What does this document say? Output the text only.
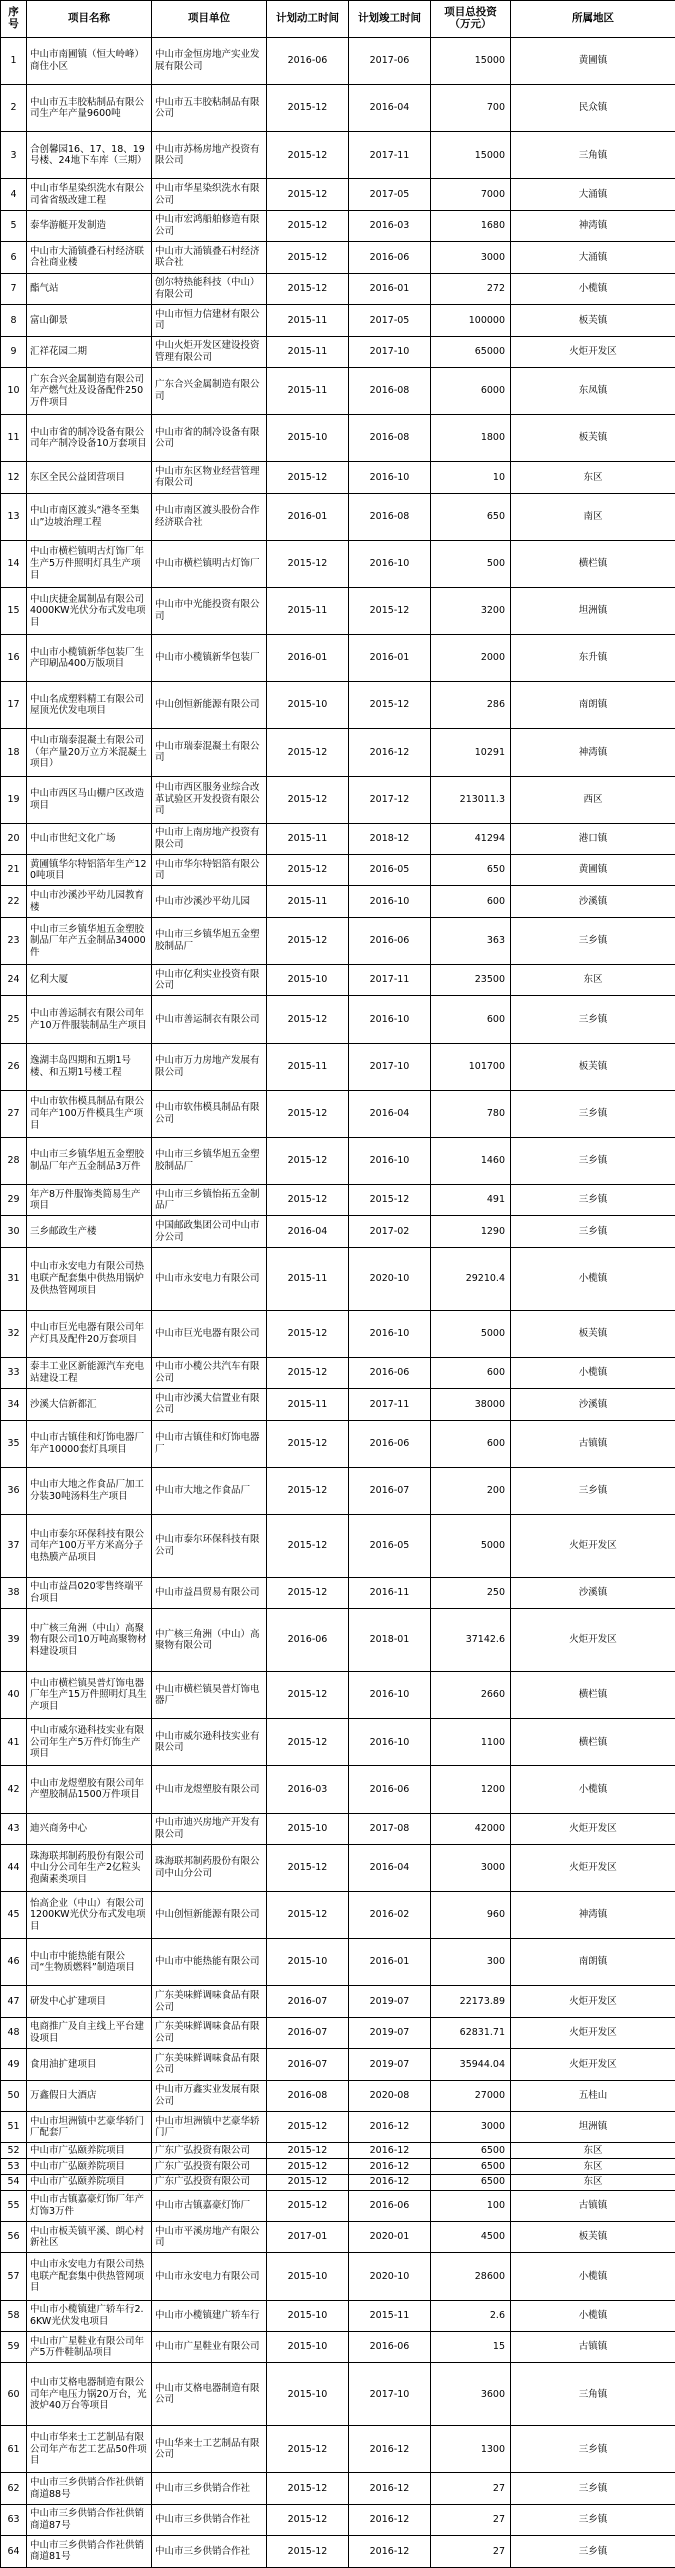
序号	项目名称	项目单位	计划动工时间	计划竣工时间	项目总投资（万元）	所属地区
1	中山市南圃镇（恒大岭峰）商住小区	中山市金恒房地产实业发展有限公司	2016-06	2017-06	15000	黄圃镇
2	中山市五丰胶粘制品有限公司生产年产量9600吨	中山市五丰胶粘制品有限公司	2015-12	2016-04	700	民众镇
3	合创馨园16、17、18、19号楼、24地下车库（三期）	中山市苏杨房地产投资有限公司	2015-12	2017-11	15000	三角镇
4	中山市华星染织洗水有限公司省省级改建工程	中山市华星染织洗水有限公司	2015-12	2017-05	7000	大涌镇
5	泰华游艇开发制造	中山市宏鸿船舶修造有限公司	2015-12	2016-03	1680	神湾镇
6	中山市大涌镇叠石村经济联合社商业楼	中山市大涌镇叠石村经济联合社	2015-12	2016-06	3000	大涌镇
7	酯气站	创尔特热能科技（中山）有限公司	2015-12	2016-01	272	小榄镇
8	富山御景	中山市恒力信建材有限公司	2015-11	2017-05	100000	板芙镇
9	汇祥花园二期	中山火炬开发区建设投资管理有限公司	2015-11	2017-10	65000	火炬开发区
10	广东合兴金属制造有限公司年产燃气灶及设备配件250万件项目	广东合兴金属制造有限公司	2015-11	2016-08	6000	东凤镇
11	中山市省的制冷设备有限公司年产制冷设备10万套项目	中山市省的制冷设备有限公司	2015-10	2016-08	1800	板芙镇
12	东区全民公益团营项目	中山市东区物业经营管理有限公司	2015-12	2016-10	10	东区
13	中山市南区渡头“港冬至集山”边坡治理工程	中山市南区渡头股份合作经济联合社	2016-01	2016-08	650	南区
14	中山市横栏镇明古灯饰厂年生产5万件照明灯具生产项目	中山市横栏镇明古灯饰厂	2015-12	2016-10	500	横栏镇
15	中山庆捷金属制品有限公司4000KW光伏分布式发电项目	中山市中光能投资有限公司	2015-11	2015-12	3200	坦洲镇
16	中山市小榄镇新华包装厂生产印刷品400万版项目	中山市小榄镇新华包装厂	2016-01	2016-01	2000	东升镇
17	中山名成塑料精工有限公司屋顶光伏发电项目	中山创恒新能源有限公司	2015-10	2015-12	286	南朗镇
18	中山市瑞泰混凝土有限公司（年产量20万立方米混凝土项目）	中山市瑞泰混凝土有限公司	2015-12	2016-12	10291	神湾镇
19	中山市西区马山棚户区改造项目	中山市西区服务业综合改革试验区开发投资有限公司	2015-12	2017-12	213011.3	西区
20	中山市世纪文化广场	中山市上南房地产投资有限公司	2015-11	2018-12	41294	港口镇
21	黄圃镇华尔特铝箔年生产120吨项目	中山市华尔特铝箔有限公司	2015-12	2016-05	650	黄圃镇
22	中山市沙溪沙平幼儿园教育楼	中山市沙溪沙平幼儿园	2015-11	2016-10	600	沙溪镇
23	中山市三乡镇华旭五金塑胶制品厂年产五金制品34000件	中山市三乡镇华旭五金塑胶制品厂	2015-12	2016-06	363	三乡镇
24	亿利大厦	中山市亿利实业投资有限公司	2015-10	2017-11	23500	东区
25	中山市善运制衣有限公司年产10万件服装制品生产项目	中山市善运制衣有限公司	2015-12	2016-10	600	三乡镇
26	逸湖丰岛四期和五期1号楼、和五期1号楼工程	中山市万力房地产发展有限公司	2015-11	2017-10	101700	板芙镇
27	中山市软伟模具制品有限公司年产100万件模具生产项目	中山市软伟模具制品有限公司	2015-12	2016-04	780	三乡镇
28	中山市三乡镇华旭五金塑胶制品厂年产五金制品3万件	中山市三乡镇华旭五金塑胶制品厂	2015-12	2016-10	1460	三乡镇
29	年产8万件服饰类简易生产项目	中山市三乡镇怡拓五金制品厂	2015-12	2015-12	491	三乡镇
30	三乡邮政生产楼	中国邮政集团公司中山市分公司	2016-04	2017-02	1290	三乡镇
31	中山市永安电力有限公司热电联产配套集中供热用锅炉及供热管网项目	中山市永安电力有限公司	2015-11	2020-10	29210.4	小榄镇
32	中山市巨光电器有限公司年产灯具及配件20万套项目	中山市巨光电器有限公司	2015-12	2016-10	5000	板芙镇
33	泰丰工业区新能源汽车充电站建设工程	中山市小榄公共汽车有限公司	2015-12	2016-06	600	小榄镇
34	沙溪大信新都汇	中山市沙溪大信置业有限公司	2015-11	2017-11	38000	沙溪镇
35	中山市古镇佳和灯饰电器厂年产10000套灯具项目	中山市古镇佳和灯饰电器厂	2015-12	2016-06	600	古镇镇
36	中山市大地之作食品厂加工分装30吨汤料生产项目	中山市大地之作食品厂	2015-12	2016-07	200	三乡镇
37	中山市泰尔环保科技有限公司年产100万平方米高分子电热膜产品项目	中山市泰尔环保科技有限公司	2015-12	2016-05	5000	火炬开发区
38	中山市益昌020零售终端平台项目	中山市益昌贸易有限公司	2015-12	2016-11	250	沙溪镇
39	中广核三角洲（中山）高聚物有限公司10万吨高聚物材料建设项目	中广核三角洲（中山）高聚物有限公司	2016-06	2018-01	37142.6	火炬开发区
40	中山市横栏镇昊普灯饰电器厂年生产15万件照明灯具生产项目	中山市横栏镇昊普灯饰电器厂	2015-12	2016-10	2660	横栏镇
41	中山市威尔逊科技实业有限公司年生产5万件灯饰生产项目	中山市威尔逊科技实业有限公司	2015-12	2016-10	1100	横栏镇
42	中山市龙煜塑胶有限公司年产塑胶制品1500万件项目	中山市龙煜塑胶有限公司	2016-03	2016-06	1200	小榄镇
43	迪兴商务中心	中山市迪兴房地产开发有限公司	2015-10	2017-08	42000	火炬开发区
44	珠海联邦制药股份有限公司中山分公司年生产2亿粒头孢菌素类项目	珠海联邦制药股份有限公司中山分公司	2015-12	2016-04	3000	火炬开发区
45	怡高企业（中山）有限公司1200KW光伏分布式发电项目	中山创恒新能源有限公司	2015-12	2016-02	960	神湾镇
46	中山市中能热能有限公司“生物质燃料”制造项目	中山市中能热能有限公司	2015-10	2016-01	300	南朗镇
47	研发中心扩建项目	广东美味鲜调味食品有限公司	2016-07	2019-07	22173.89	火炬开发区
48	电商推广及自主线上平台建设项目	广东美味鲜调味食品有限公司	2016-07	2019-07	62831.71	火炬开发区
49	食用油扩建项目	广东美味鲜调味食品有限公司	2016-07	2019-07	35944.04	火炬开发区
50	万鑫假日大酒店	中山市万鑫实业发展有限公司	2016-08	2020-08	27000	五桂山
51	中山市坦洲镇中艺豪华轿门厂配套厂	中山市坦洲镇中艺豪华轿门厂	2015-12	2016-12	3000	坦洲镇
52	中山市广弘颐养院项目	广东广弘投资有限公司	2015-12	2016-12	6500	东区
53	中山市广弘颐养院项目	广东广弘投资有限公司	2015-12	2016-12	6500	东区
54	中山市广弘颐养院项目	广东广弘投资有限公司	2015-12	2016-12	6500	东区
55	中山市古镇嘉豪灯饰厂年产灯饰3万件	中山市古镇嘉豪灯饰厂	2015-12	2016-06	100	古镇镇
56	中山市板芙镇平溪、朗心村新社区	中山市平溪房地产有限公司	2017-01	2020-01	4500	板芙镇
57	中山市永安电力有限公司热电联产配套集中供热管网项目	中山市永安电力有限公司	2015-10	2020-10	28600	小榄镇
58	中山市小榄镇建广轿车行2.6KW光伏发电项目	中山市小榄镇建广轿车行	2015-10	2015-11	2.6	小榄镇
59	中山市广星鞋业有限公司年产5万件鞋制品项目	中山市广星鞋业有限公司	2015-10	2016-06	15	古镇镇
60	中山市艾格电器制造有限公司年产电压力锅20万台，光波炉40万台等项目	中山市艾格电器制造有限公司	2015-10	2017-10	3600	三角镇
61	中山市华来士工艺制品有限公司年产布艺工艺品50件项目	中山华来士工艺制品有限公司	2015-12	2016-12	1300	三乡镇
62	中山市三乡供销合作社供销商道88号	中山市三乡供销合作社	2015-12	2016-12	27	三乡镇
63	中山市三乡供销合作社供销商道87号	中山市三乡供销合作社	2015-12	2016-12	27	三乡镇
64	中山市三乡供销合作社供销商道81号	中山市三乡供销合作社	2015-12	2016-12	27	三乡镇
